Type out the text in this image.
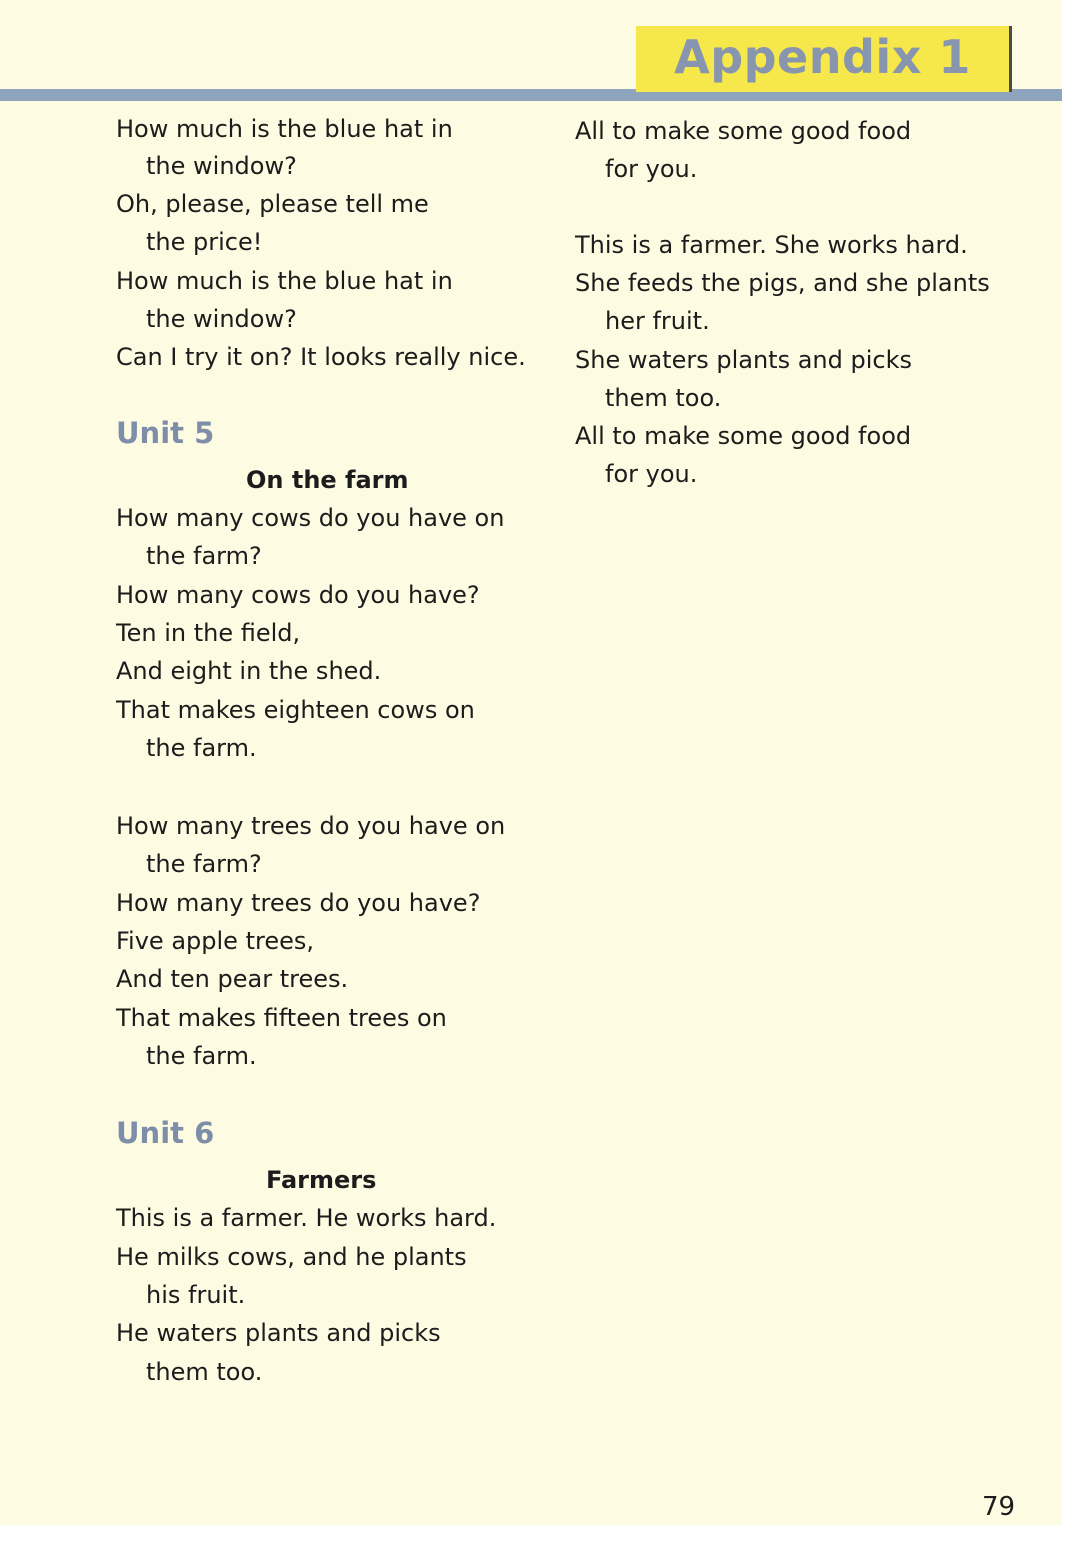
Appendix 1
How much is the blue hat in
the window?
Oh, please, please tell me
the price!
How much is the blue hat in
the window?
Can I try it on? It looks really nice.
Unit 5
On the farm
How many cows do you have on
the farm?
How many cows do you have?
Ten in the field,
And eight in the shed.
That makes eighteen cows on
the farm.
How many trees do you have on
the farm?
How many trees do you have?
Five apple trees,
And ten pear trees.
That makes fifteen trees on
the farm.
Unit 6
Farmers
This is a farmer. He works hard.
He milks cows, and he plants
his fruit.
He waters plants and picks
them too.
All to make some good food
for you.
This is a farmer. She works hard.
She feeds the pigs, and she plants
her fruit.
She waters plants and picks
them too.
All to make some good food
for you.
79
